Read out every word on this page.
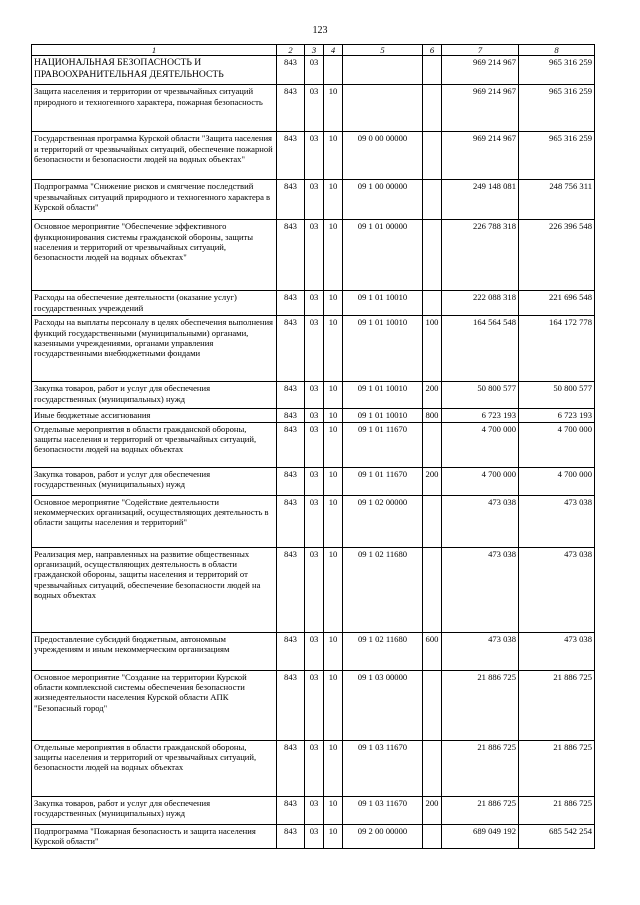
123
1	2	3	4	5	6	7	8
НАЦИОНАЛЬНАЯ БЕЗОПАСНОСТЬ И ПРАВООХРАНИТЕЛЬНАЯ ДЕЯТЕЛЬНОСТЬ	843	03				969 214 967	965 316 259
Защита населения и территории от чрезвычайных ситуаций природного и техногенного характера, пожарная безопасность	843	03	10			969 214 967	965 316 259
Государственная программа Курской области "Защита населения и территорий от чрезвычайных ситуаций, обеспечение пожарной безопасности и безопасности людей на водных объектах"	843	03	10	09 0 00 00000		969 214 967	965 316 259
Подпрограмма "Снижение рисков и смягчение последствий чрезвычайных ситуаций природного и техногенного характера в Курской области"	843	03	10	09 1 00 00000		249 148 081	248 756 311
Основное мероприятие "Обеспечение эффективного функционирования системы гражданской обороны, защиты населения и территорий от чрезвычайных ситуаций, безопасности людей на водных объектах"	843	03	10	09 1 01 00000		226 788 318	226 396 548
Расходы на обеспечение деятельности (оказание услуг) государственных учреждений	843	03	10	09 1 01 10010		222 088 318	221 696 548
Расходы на выплаты персоналу в целях обеспечения выполнения функций государственными (муниципальными) органами, казенными учреждениями, органами управления государственными внебюджетными фондами	843	03	10	09 1 01 10010	100	164 564 548	164 172 778
Закупка товаров, работ и услуг для обеспечения государственных (муниципальных) нужд	843	03	10	09 1 01 10010	200	50 800 577	50 800 577
Иные бюджетные ассигнования	843	03	10	09 1 01 10010	800	6 723 193	6 723 193
Отдельные мероприятия в области гражданской обороны, защиты населения и территорий от чрезвычайных ситуаций, безопасности людей на водных объектах	843	03	10	09 1 01 11670		4 700 000	4 700 000
Закупка товаров, работ и услуг для обеспечения государственных (муниципальных) нужд	843	03	10	09 1 01 11670	200	4 700 000	4 700 000
Основное мероприятие "Содействие деятельности некоммерческих организаций, осуществляющих деятельность в области защиты населения и территорий"	843	03	10	09 1 02 00000		473 038	473 038
Реализация мер, направленных на развитие общественных организаций, осуществляющих деятельность в области гражданской обороны, защиты населения и территорий от чрезвычайных ситуаций, обеспечение безопасности людей на водных объектах	843	03	10	09 1 02 11680		473 038	473 038
Предоставление субсидий бюджетным, автономным учреждениям и иным некоммерческим организациям	843	03	10	09 1 02 11680	600	473 038	473 038
Основное мероприятие "Создание на территории Курской области комплексной системы обеспечения безопасности жизнедеятельности населения Курской области АПК "Безопасный город"	843	03	10	09 1 03 00000		21 886 725	21 886 725
Отдельные мероприятия в области гражданской обороны, защиты населения и территорий от чрезвычайных ситуаций, безопасности людей на водных объектах	843	03	10	09 1 03 11670		21 886 725	21 886 725
Закупка товаров, работ и услуг для обеспечения государственных (муниципальных) нужд	843	03	10	09 1 03 11670	200	21 886 725	21 886 725
Подпрограмма "Пожарная безопасность и защита населения Курской области"	843	03	10	09 2 00 00000		689 049 192	685 542 254
